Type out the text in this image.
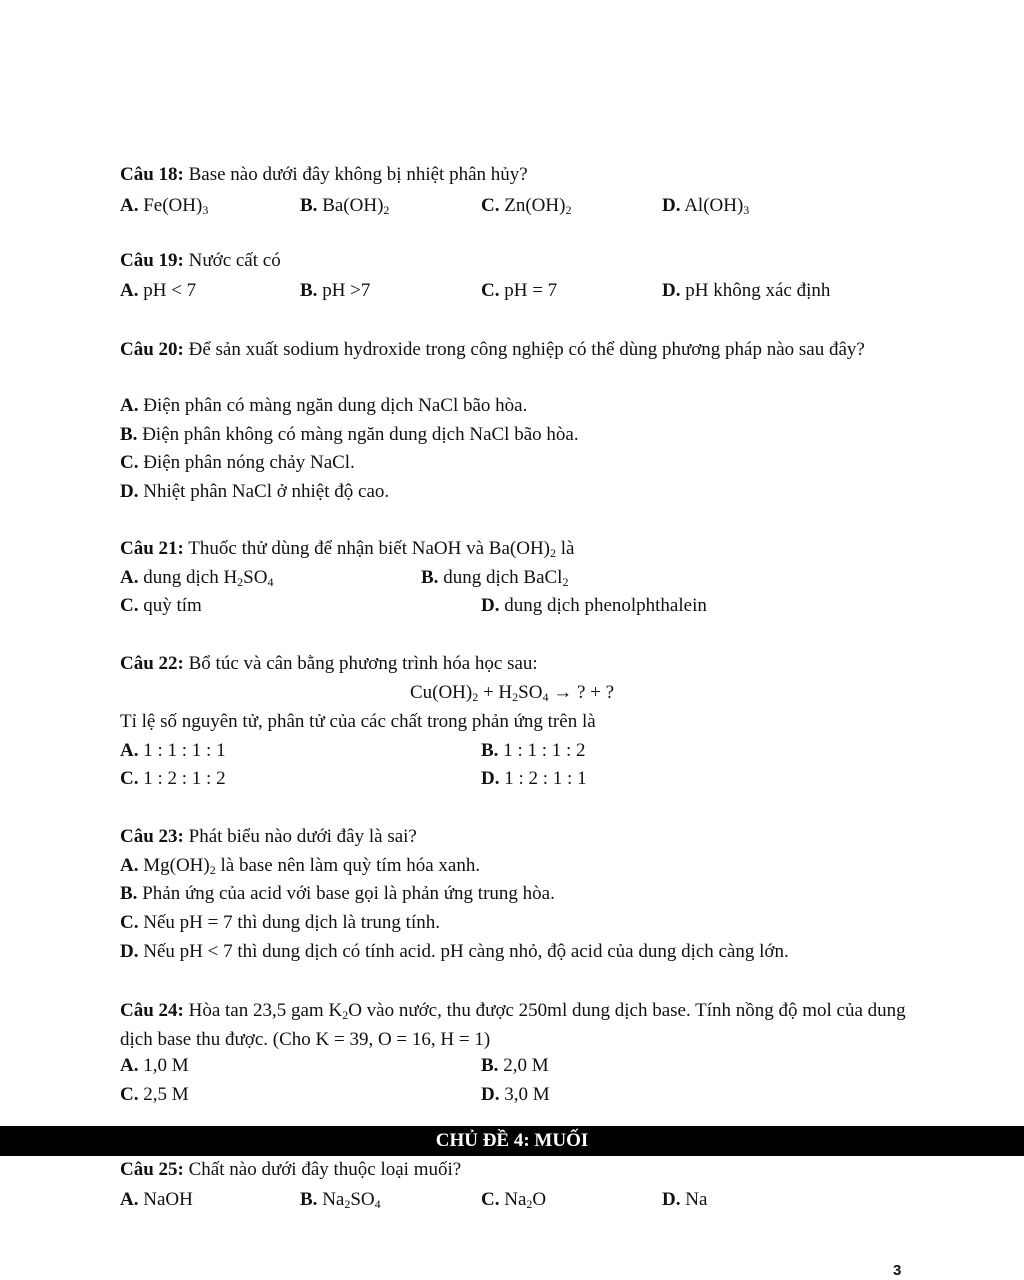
Câu 18: Base nào dưới đây không bị nhiệt phân hủy?
A. $Fe(OH)_3$	B. $Ba(OH)_2$	C. $Zn(OH)_2$	D. $Al(OH)_3$
Câu 19: Nước cất có
A. pH < 7	B. pH >7	C. pH = 7	D. pH không xác định
Câu 20: Để sản xuất sodium hydroxide trong công nghiệp có thể dùng phương pháp nào sau đây?
A. Điện phân có màng ngăn dung dịch NaCl bão hòa.
B. Điện phân không có màng ngăn dung dịch NaCl bão hòa.
C. Điện phân nóng chảy NaCl.
D. Nhiệt phân NaCl ở nhiệt độ cao.
Câu 21: Thuốc thử dùng để nhận biết NaOH và $Ba(OH)_2$ là
A. dung dịch $H_2SO_4$	B. dung dịch BaCl$_2$
C. quỳ tím	D. dung dịch phenolphthalein
Câu 22: Bổ túc và cân bằng phương trình hóa học sau:
$Cu(OH)_2 + H_2SO_4$ → ? + ?
Tỉ lệ số nguyên tử, phân tử của các chất trong phản ứng trên là
A. 1 : 1 : 1 : 1	B. 1 : 1 : 1 : 2
C. 1 : 2 : 1 : 2	D. 1 : 2 : 1 : 1
Câu 23: Phát biểu nào dưới đây là sai?
A. $Mg(OH)_2$ là base nên làm quỳ tím hóa xanh.
B. Phản ứng của acid với base gọi là phản ứng trung hòa.
C. Nếu pH = 7 thì dung dịch là trung tính.
D. Nếu pH < 7 thì dung dịch có tính acid. pH càng nhỏ, độ acid của dung dịch càng lớn.
Câu 24: Hòa tan 23,5 gam $K_2O$ vào nước, thu được 250ml dung dịch base. Tính nồng độ mol của dung dịch base thu được. (Cho K = 39, O = 16, H = 1)
A. 1,0 M	B. 2,0 M
C. 2,5 M	D. 3,0 M
CHỦ ĐỀ 4: MUỐI
Câu 25: Chất nào dưới đây thuộc loại muối?
A. NaOH	B. $Na_2SO_4$	C. $Na_2O$	D. Na
3
